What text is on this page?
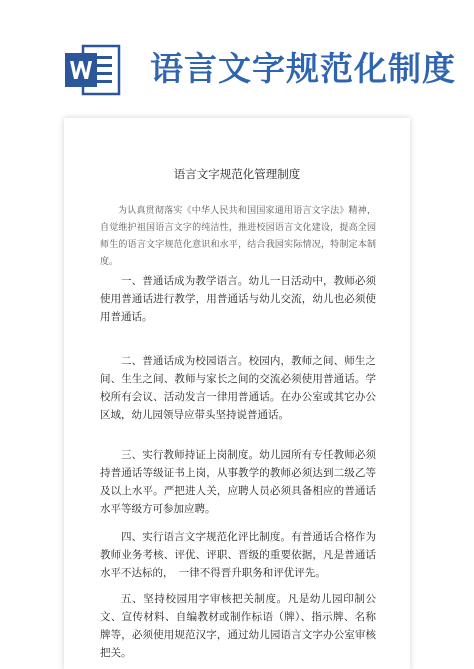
语言文字规范化制度
语言文字规范化管理制度

为认真贯彻落实《中华人民共和国国家通用语言文字法》精神，自觉维护祖国语言文字的纯洁性，推进校园语言文化建设，提高全园师生的语言文字规范化意识和水平，结合我园实际情况，特制定本制度。

一、普通话成为教学语言。幼儿一日活动中，教师必须使用普通话进行教学，用普通话与幼儿交流，幼儿也必须使用普通话。

二、普通话成为校园语言。校园内，教师之间、师生之间、生生之间、教师与家长之间的交流必须使用普通话。学校所有会议、活动发言一律用普通话。在办公室或其它办公区域，幼儿园领导应带头坚持说普通话。

三、实行教师持证上岗制度。幼儿园所有专任教师必须持普通话等级证书上岗，从事教学的教师必须达到二级乙等及以上水平。严把进人关，应聘人员必须具备相应的普通话水平等级方可参加应聘。

四、实行语言文字规范化评比制度。有普通话合格作为教师业务考核、评优、评职、晋级的重要依据，凡是普通话水平不达标的，　一律不得晋升职务和评优评先。

五、坚持校园用字审核把关制度。凡是幼儿园印制公文、宣传材料、自编教材或制作标语（牌）、指示牌、名称牌等，必须使用规范汉字，通过幼儿园语言文字办公室审核把关。
